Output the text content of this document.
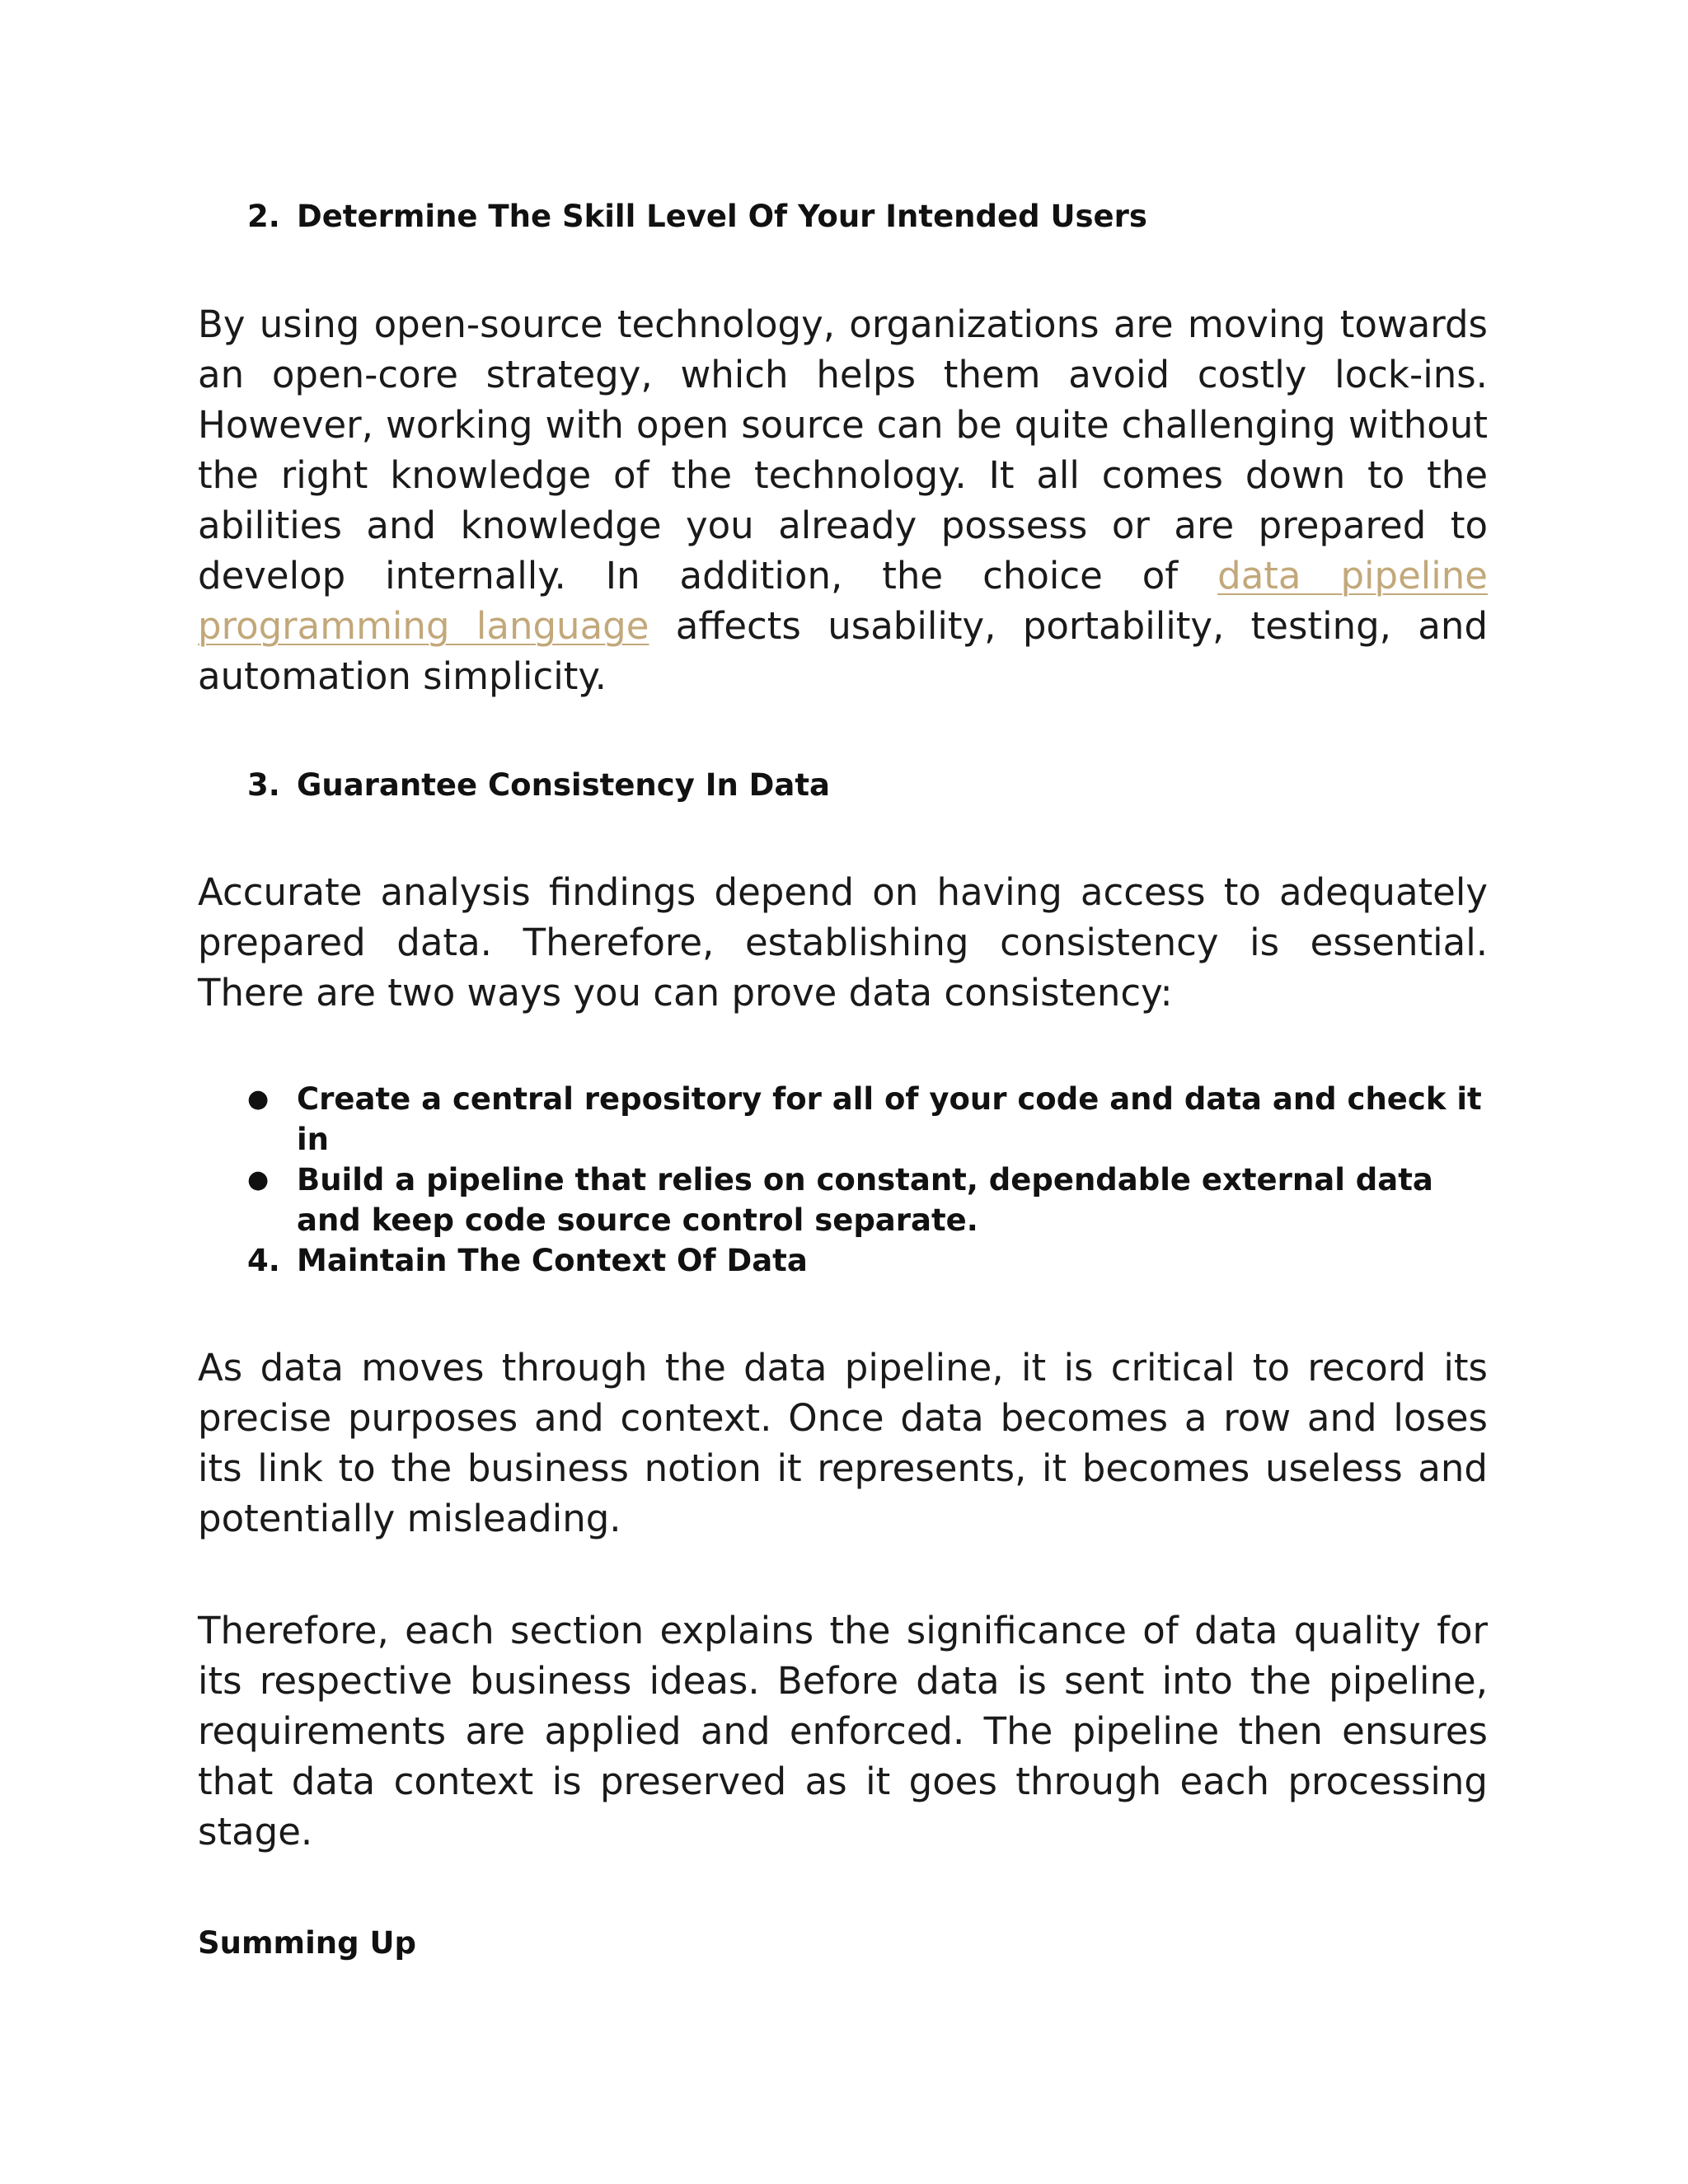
2. Determine The Skill Level Of Your Intended Users

By using open-source technology, organizations are moving towards an open-core strategy, which helps them avoid costly lock-ins. However, working with open source can be quite challenging without the right knowledge of the technology. It all comes down to the abilities and knowledge you already possess or are prepared to develop internally. In addition, the choice of data pipeline programming language affects usability, portability, testing, and automation simplicity.

3. Guarantee Consistency In Data

Accurate analysis findings depend on having access to adequately prepared data. Therefore, establishing consistency is essential. There are two ways you can prove data consistency:

● Create a central repository for all of your code and data and check it in
● Build a pipeline that relies on constant, dependable external data and keep code source control separate.
4. Maintain The Context Of Data

As data moves through the data pipeline, it is critical to record its precise purposes and context. Once data becomes a row and loses its link to the business notion it represents, it becomes useless and potentially misleading.

Therefore, each section explains the significance of data quality for its respective business ideas. Before data is sent into the pipeline, requirements are applied and enforced. The pipeline then ensures that data context is preserved as it goes through each processing stage.

Summing Up
